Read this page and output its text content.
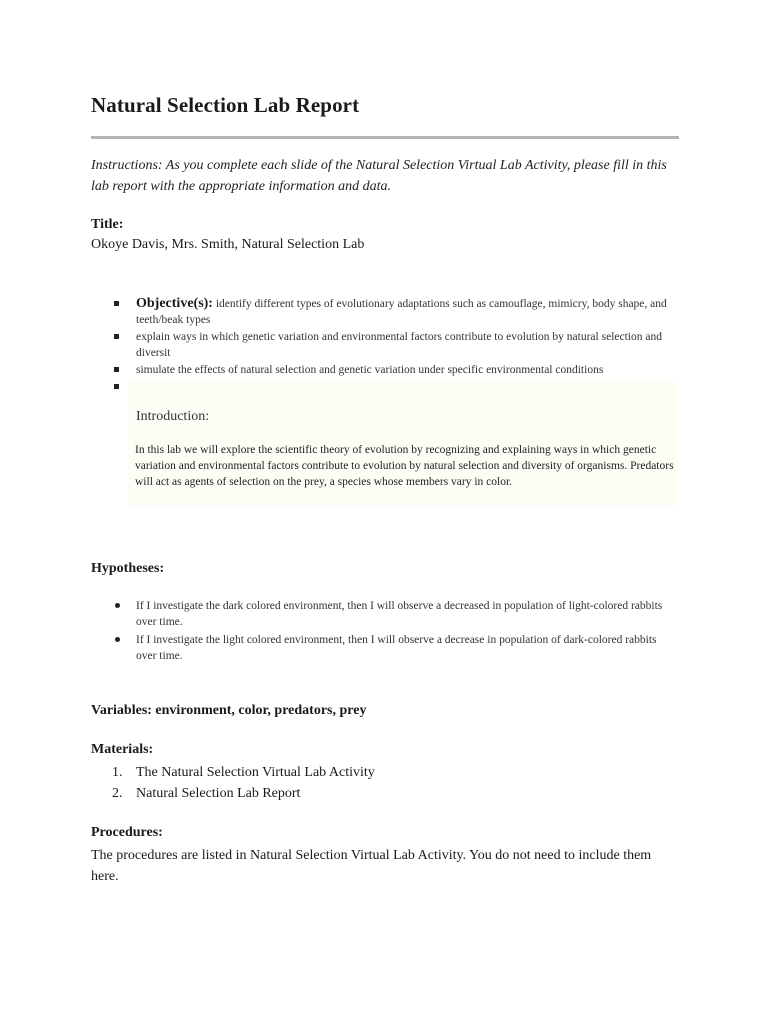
Natural Selection Lab Report
Instructions: As you complete each slide of the Natural Selection Virtual Lab Activity, please fill in this lab report with the appropriate information and data.
Title:
Okoye Davis, Mrs. Smith, Natural Selection Lab
Objective(s): identify different types of evolutionary adaptations such as camouflage, mimicry, body shape, and teeth/beak types
explain ways in which genetic variation and environmental factors contribute to evolution by natural selection and diversit
simulate the effects of natural selection and genetic variation under specific environmental conditions
Introduction:
In this lab we will explore the scientific theory of evolution by recognizing and explaining ways in which genetic variation and environmental factors contribute to evolution by natural selection and diversity of organisms. Predators will act as agents of selection on the prey, a species whose members vary in color.
Hypotheses:
If I investigate the dark colored environment, then I will observe a decreased in population of light-colored rabbits over time.
If I investigate the light colored environment, then I will observe a decrease in population of dark-colored rabbits over time.
Variables: environment, color, predators, prey
Materials:
1. The Natural Selection Virtual Lab Activity
2. Natural Selection Lab Report
Procedures:
The procedures are listed in Natural Selection Virtual Lab Activity. You do not need to include them here.
